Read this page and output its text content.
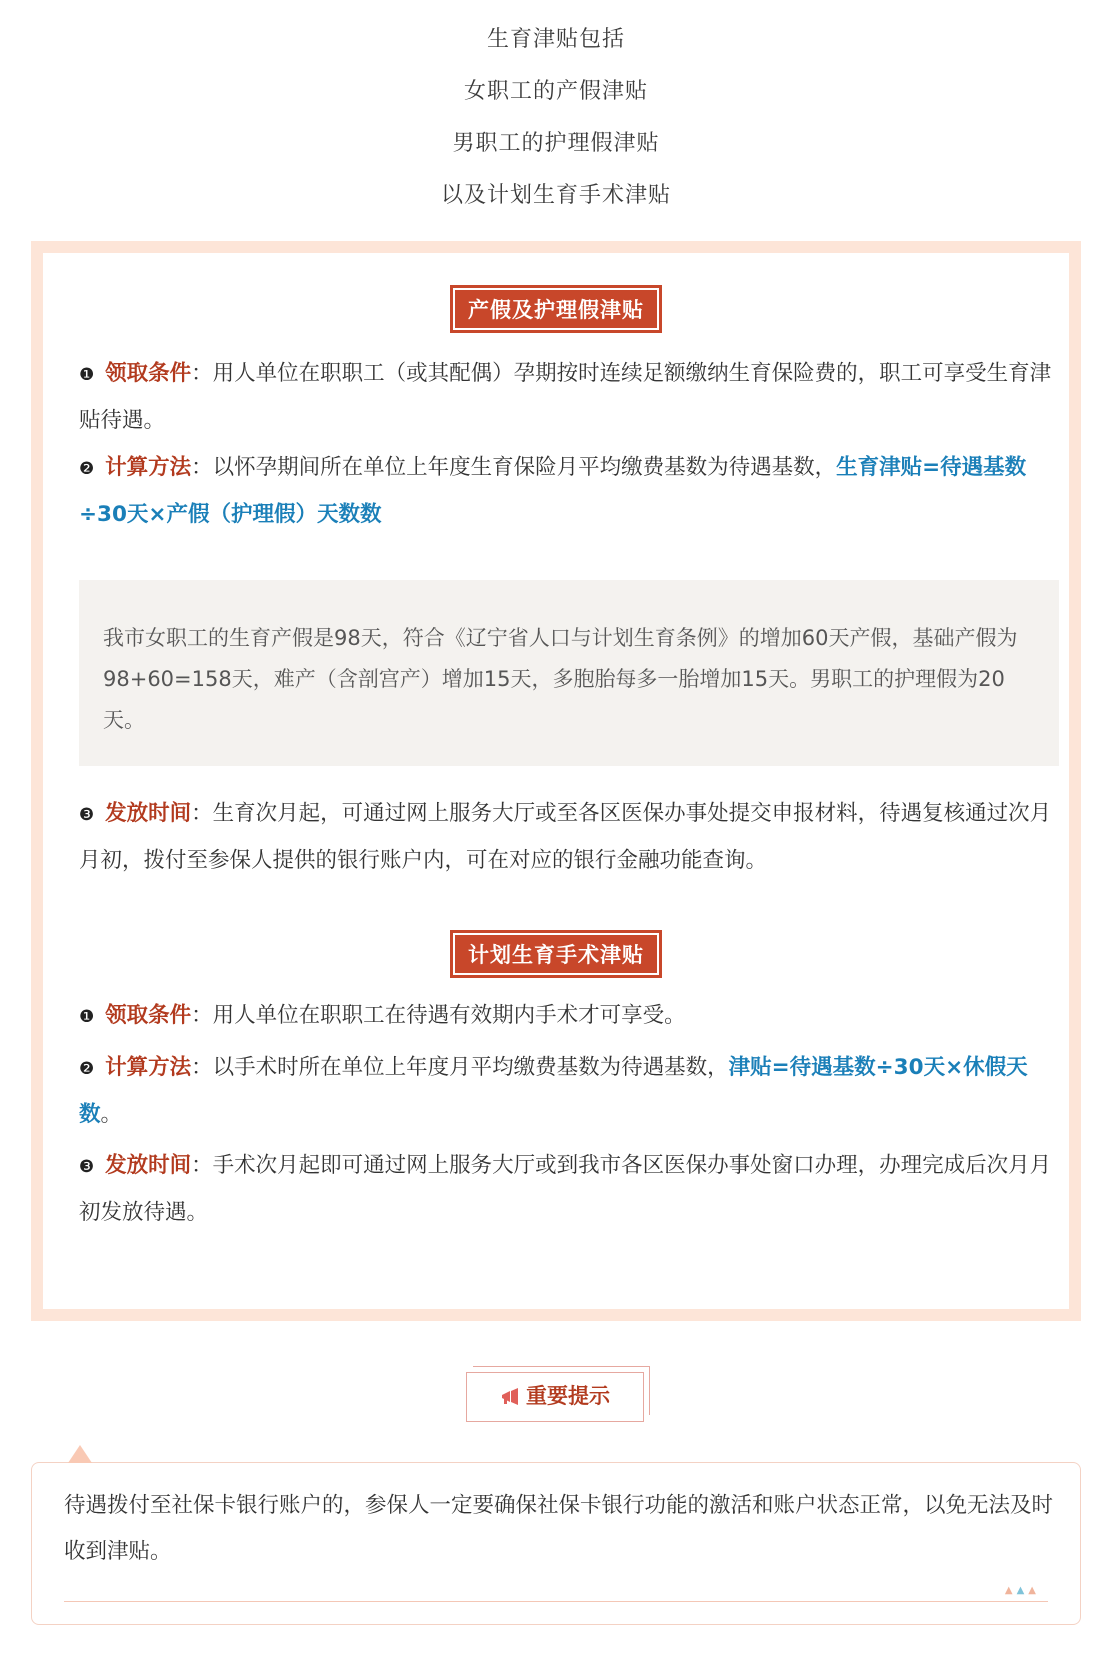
生育津贴包括
女职工的产假津贴
男职工的护理假津贴
以及计划生育手术津贴
产假及护理假津贴
❶ 领取条件：用人单位在职职工（或其配偶）孕期按时连续足额缴纳生育保险费的，职工可享受生育津贴待遇。
❷ 计算方法：以怀孕期间所在单位上年度生育保险月平均缴费基数为待遇基数，生育津贴=待遇基数÷30天×产假（护理假）天数数
我市女职工的生育产假是98天，符合《辽宁省人口与计划生育条例》的增加60天产假，基础产假为98+60=158天，难产（含剖宫产）增加15天，多胞胎每多一胎增加15天。男职工的护理假为20天。
❸ 发放时间：生育次月起，可通过网上服务大厅或至各区医保办事处提交申报材料，待遇复核通过次月月初，拨付至参保人提供的银行账户内，可在对应的银行金融功能查询。
计划生育手术津贴
❶ 领取条件：用人单位在职职工在待遇有效期内手术才可享受。
❷ 计算方法：以手术时所在单位上年度月平均缴费基数为待遇基数，津贴=待遇基数÷30天×休假天数。
❸ 发放时间：手术次月起即可通过网上服务大厅或到我市各区医保办事处窗口办理，办理完成后次月月初发放待遇。
重要提示
待遇拨付至社保卡银行账户的，参保人一定要确保社保卡银行功能的激活和账户状态正常，以免无法及时收到津贴。
▲▲▲
